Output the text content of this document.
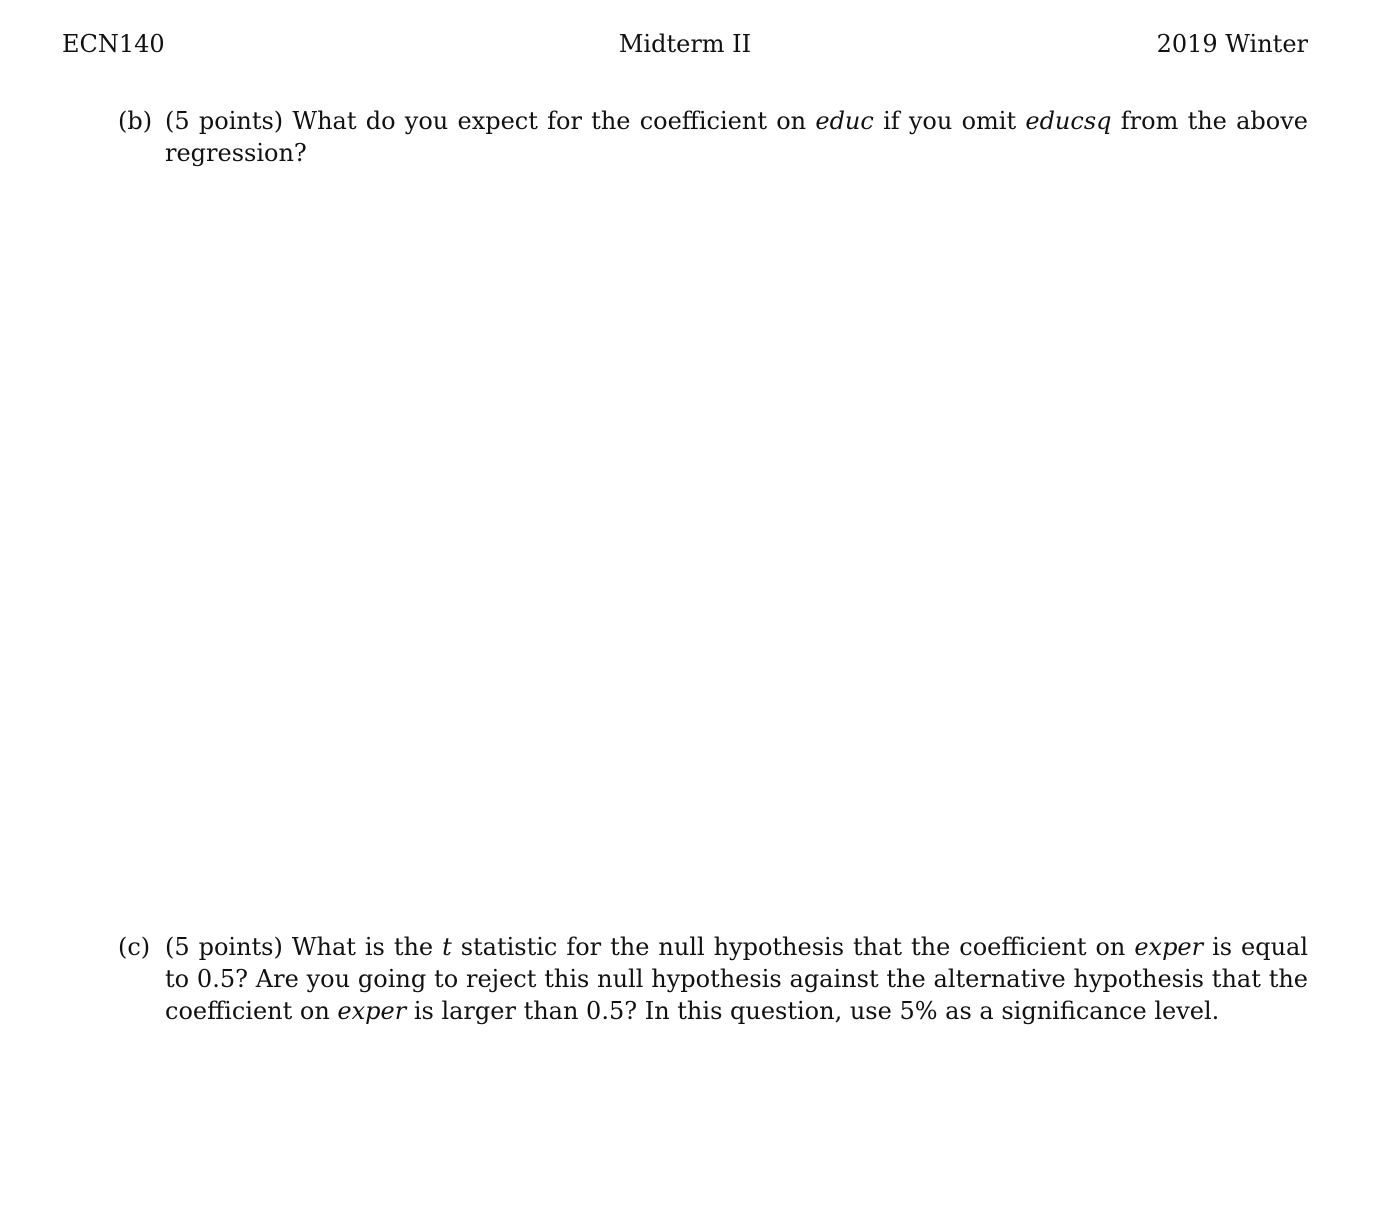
ECN140	Midterm II	2019 Winter
(b) (5 points) What do you expect for the coefficient on educ if you omit educsq from the above regression?
(c) (5 points) What is the t statistic for the null hypothesis that the coefficient on exper is equal to 0.5? Are you going to reject this null hypothesis against the alternative hypothesis that the coefficient on exper is larger than 0.5? In this question, use 5% as a significance level.
